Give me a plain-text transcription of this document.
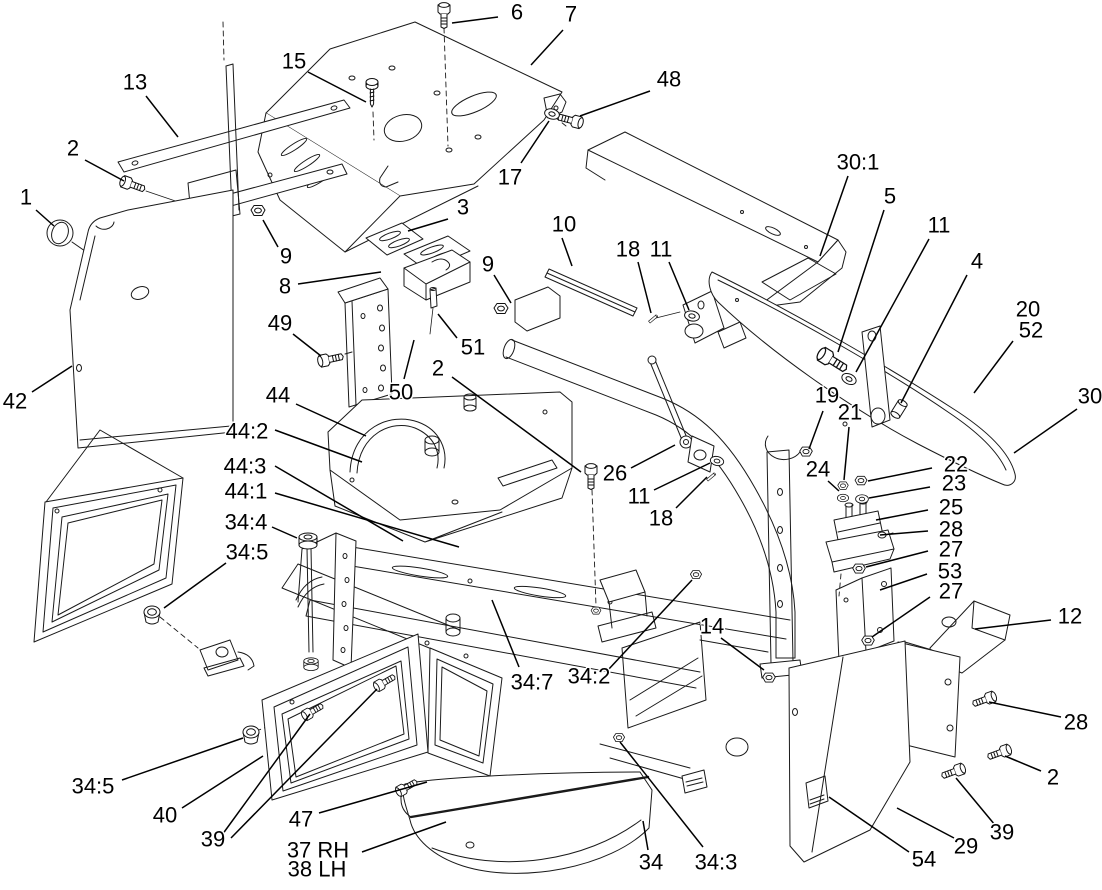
6 7
13
15
48
2
17
1
30:1
3	5
9
11
10
18 11
8
9	4
20
52
49
51
2
30
50
42	44	19
21
44:2
26	24	22
23
44:3
44:1
25
28
11
18
27
53
27
12
34:4
34:5
14
34:7 34:2
28
34:5	2
40
39
47
37 RH
38 LH	34 34:3
39
29
54
